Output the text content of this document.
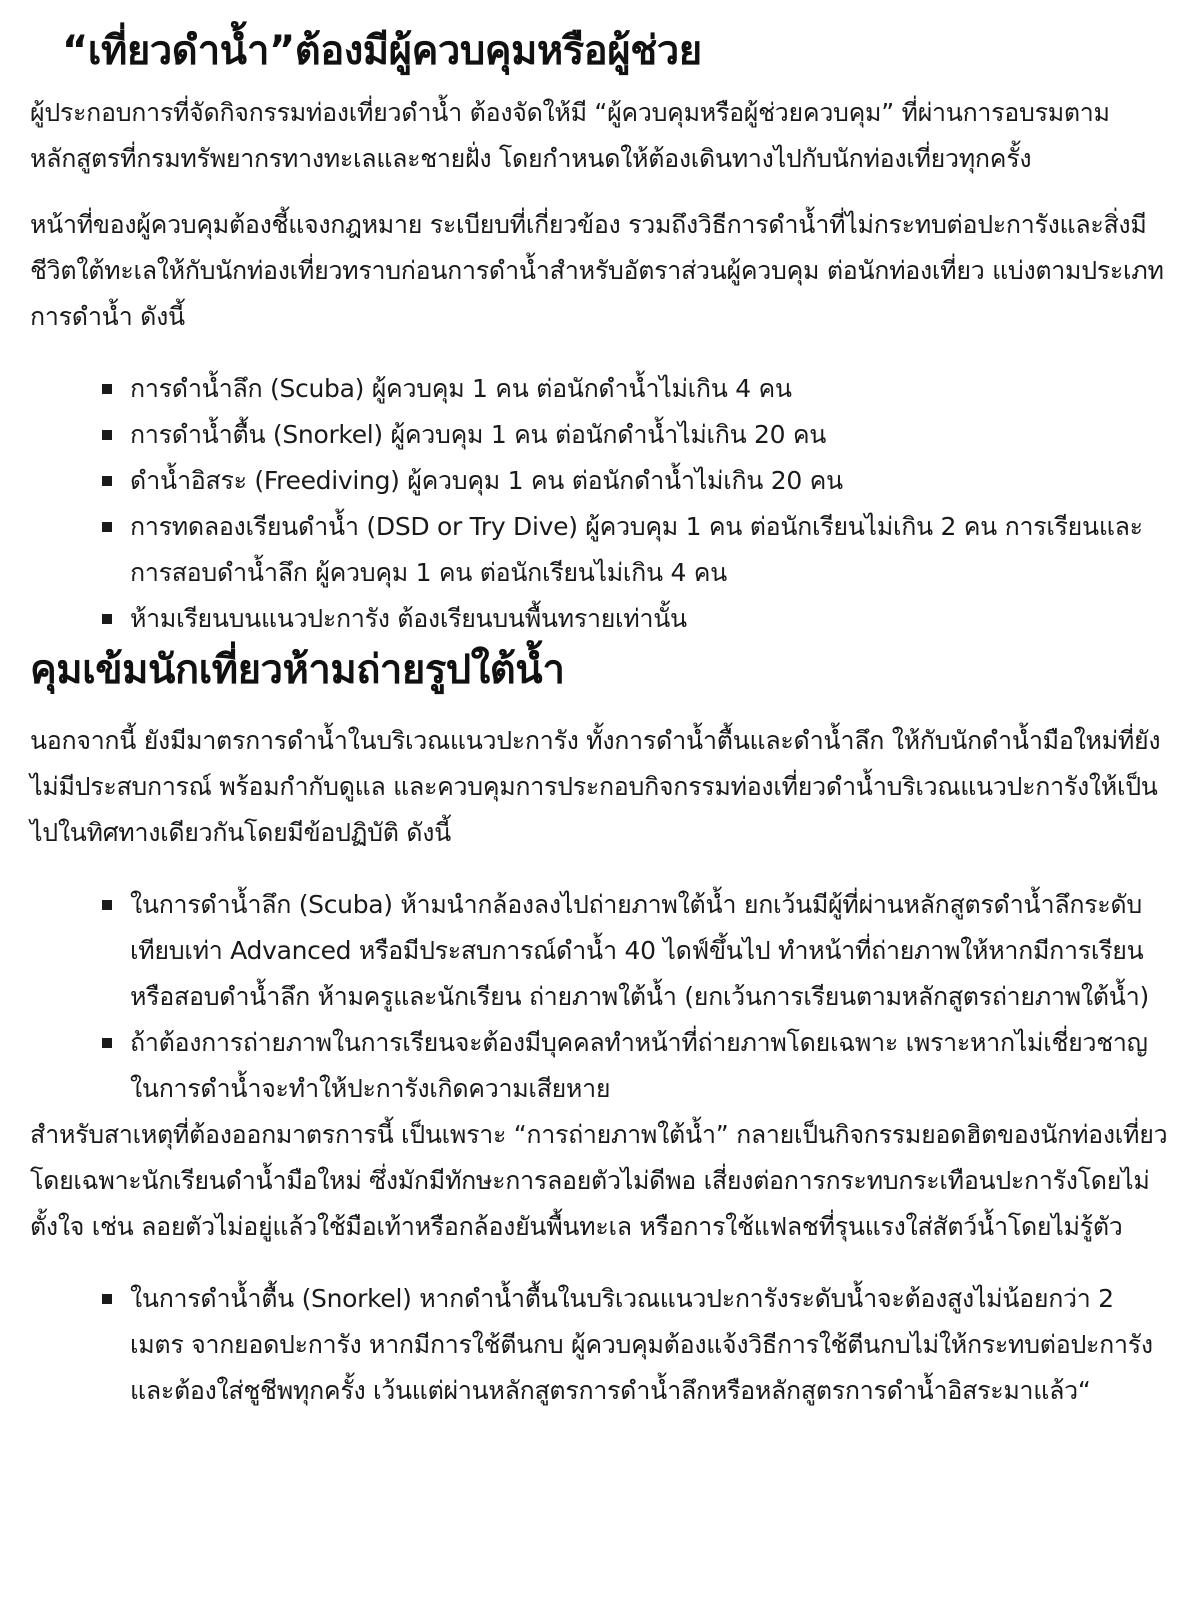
“เที่ยวดำน้ำ”ต้องมีผู้ควบคุมหรือผู้ช่วย

ผู้ประกอบการที่จัดกิจกรรมท่องเที่ยวดำน้ำ ต้องจัดให้มี “ผู้ควบคุมหรือผู้ช่วยควบคุม” ที่ผ่านการอบรมตามหลักสูตรที่กรมทรัพยากรทางทะเลและชายฝั่ง โดยกำหนดให้ต้องเดินทางไปกับนักท่องเที่ยวทุกครั้ง

หน้าที่ของผู้ควบคุมต้องชี้แจงกฎหมาย ระเบียบที่เกี่ยวข้อง รวมถึงวิธีการดำน้ำที่ไม่กระทบต่อปะการังและสิ่งมีชีวิตใต้ทะเลให้กับนักท่องเที่ยวทราบก่อนการดำน้ำสำหรับอัตราส่วนผู้ควบคุม ต่อนักท่องเที่ยว แบ่งตามประเภทการดำน้ำ ดังนี้

การดำน้ำลึก (Scuba) ผู้ควบคุม 1 คน ต่อนักดำน้ำไม่เกิน 4 คน
การดำน้ำตื้น (Snorkel) ผู้ควบคุม 1 คน ต่อนักดำน้ำไม่เกิน 20 คน
ดำน้ำอิสระ (Freediving) ผู้ควบคุม 1 คน ต่อนักดำน้ำไม่เกิน 20 คน
การทดลองเรียนดำน้ำ (DSD or Try Dive) ผู้ควบคุม 1 คน ต่อนักเรียนไม่เกิน 2 คน การเรียนและการสอบดำน้ำลึก ผู้ควบคุม 1 คน ต่อนักเรียนไม่เกิน 4 คน
ห้ามเรียนบนแนวปะการัง ต้องเรียนบนพื้นทรายเท่านั้น
คุมเข้มนักเที่ยวห้ามถ่ายรูปใต้น้ำ

นอกจากนี้ ยังมีมาตรการดำน้ำในบริเวณแนวปะการัง ทั้งการดำน้ำตื้นและดำน้ำลึก ให้กับนักดำน้ำมือใหม่ที่ยังไม่มีประสบการณ์ พร้อมกำกับดูแล และควบคุมการประกอบกิจกรรมท่องเที่ยวดำน้ำบริเวณแนวปะการังให้เป็นไปในทิศทางเดียวกันโดยมีข้อปฏิบัติ ดังนี้

ในการดำน้ำลึก (Scuba) ห้ามนำกล้องลงไปถ่ายภาพใต้น้ำ ยกเว้นมีผู้ที่ผ่านหลักสูตรดำน้ำลึกระดับเทียบเท่า Advanced หรือมีประสบการณ์ดำน้ำ 40 ไดฟ์ขึ้นไป ทำหน้าที่ถ่ายภาพให้หากมีการเรียนหรือสอบดำน้ำลึก ห้ามครูและนักเรียน ถ่ายภาพใต้น้ำ (ยกเว้นการเรียนตามหลักสูตรถ่ายภาพใต้น้ำ)
ถ้าต้องการถ่ายภาพในการเรียนจะต้องมีบุคคลทำหน้าที่ถ่ายภาพโดยเฉพาะ เพราะหากไม่เชี่ยวชาญในการดำน้ำจะทำให้ปะการังเกิดความเสียหาย

สำหรับสาเหตุที่ต้องออกมาตรการนี้ เป็นเพราะ “การถ่ายภาพใต้น้ำ” กลายเป็นกิจกรรมยอดฮิตของนักท่องเที่ยว โดยเฉพาะนักเรียนดำน้ำมือใหม่ ซึ่งมักมีทักษะการลอยตัวไม่ดีพอ เสี่ยงต่อการกระทบกระเทือนปะการังโดยไม่ตั้งใจ เช่น ลอยตัวไม่อยู่แล้วใช้มือเท้าหรือกล้องยันพื้นทะเล หรือการใช้แฟลชที่รุนแรงใส่สัตว์น้ำโดยไม่รู้ตัว

ในการดำน้ำตื้น (Snorkel) หากดำน้ำตื้นในบริเวณแนวปะการังระดับน้ำจะต้องสูงไม่น้อยกว่า 2 เมตร จากยอดปะการัง หากมีการใช้ตีนกบ ผู้ควบคุมต้องแจ้งวิธีการใช้ตีนกบไม่ให้กระทบต่อปะการัง และต้องใส่ชูชีพทุกครั้ง เว้นแต่ผ่านหลักสูตรการดำน้ำลึกหรือหลักสูตรการดำน้ำอิสระมาแล้ว“
